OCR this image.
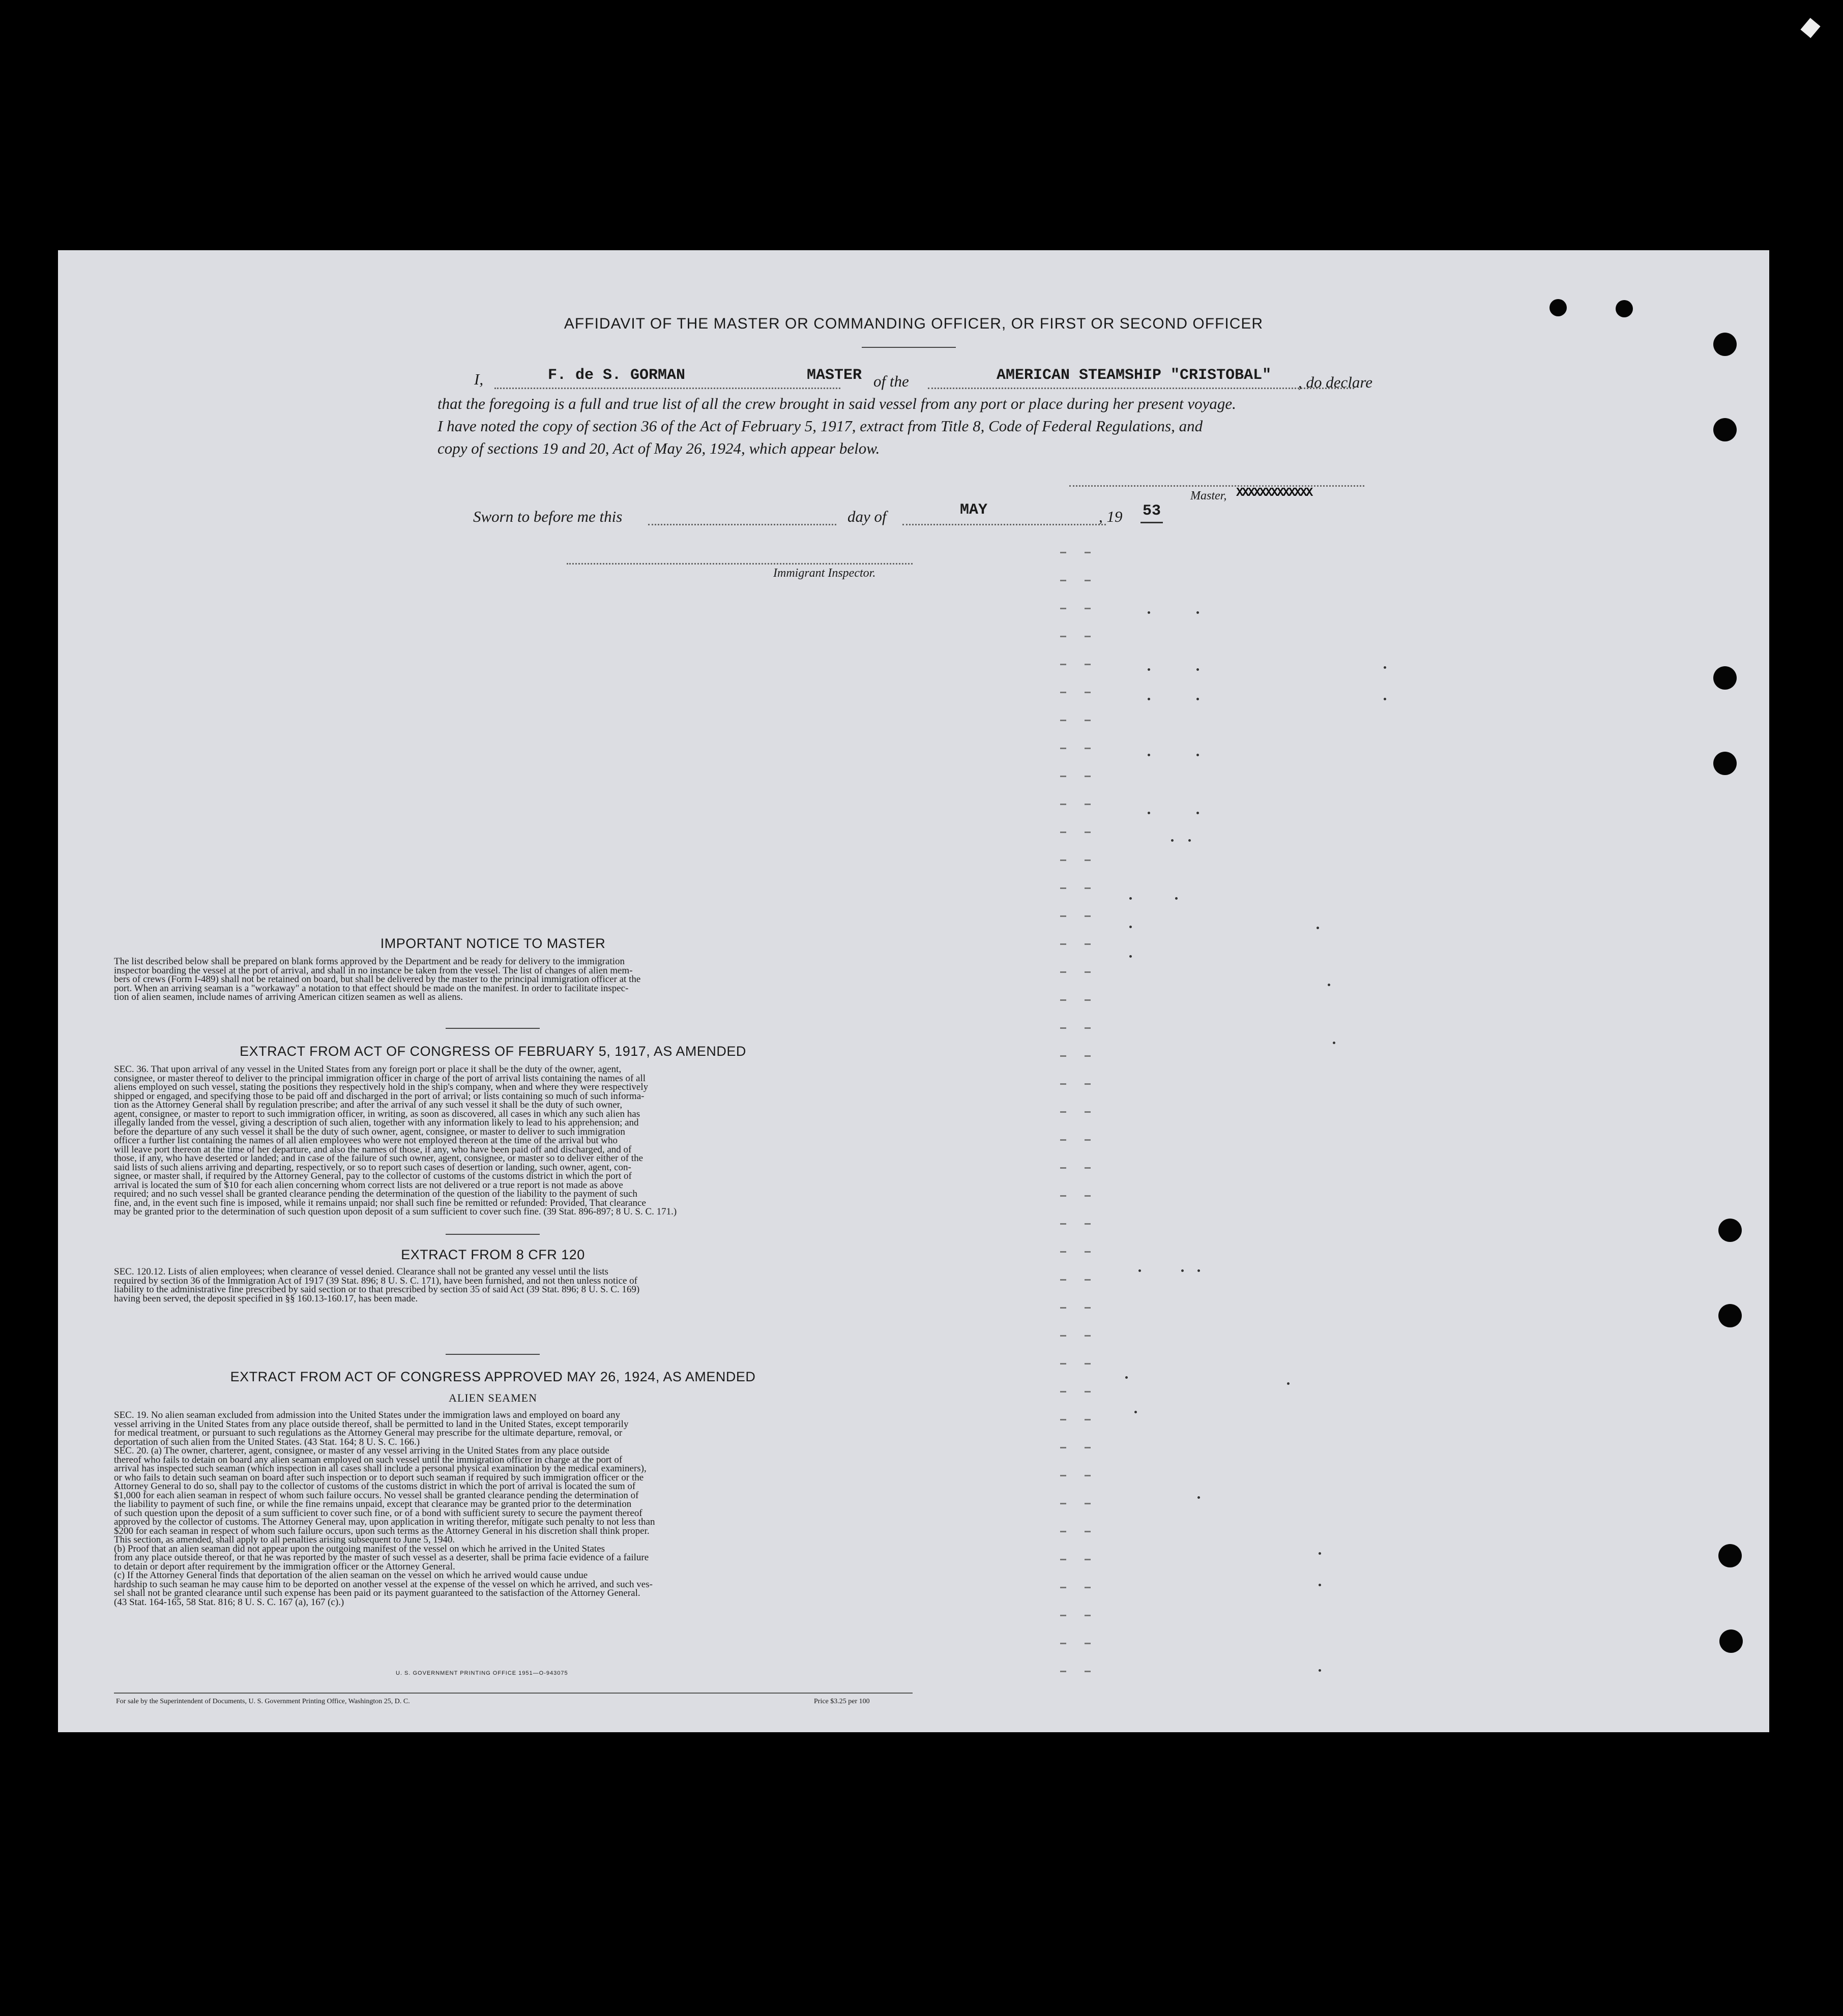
AFFIDAVIT OF THE MASTER OR COMMANDING OFFICER, OR FIRST OR SECOND OFFICER
I,	F. de S. GORMAN	MASTER of the	AMERICAN STEAMSHIP "CRISTOBAL" , do declare
that the foregoing is a full and true list of all the crew brought in said vessel from any port or place during her present voyage.
I have noted the copy of section 36 of the Act of February 5, 1917, extract from Title 8, Code of Federal Regulations, and
copy of sections 19 and 20, Act of May 26, 1924, which appear below.
Master, XXXXXXXXXXXXX
Sworn to before me this	day of	MAY	, 19 53
Immigrant Inspector.
IMPORTANT NOTICE TO MASTER
The list described below shall be prepared on blank forms approved by the Department and be ready for delivery to the immigration
inspector boarding the vessel at the port of arrival, and shall in no instance be taken from the vessel. The list of changes of alien mem-
bers of crews (Form I-489) shall not be retained on board, but shall be delivered by the master to the principal immigration officer at the
port. When an arriving seaman is a "workaway" a notation to that effect should be made on the manifest. In order to facilitate inspec-
tion of alien seamen, include names of arriving American citizen seamen as well as aliens.
EXTRACT FROM ACT OF CONGRESS OF FEBRUARY 5, 1917, AS AMENDED
SEC. 36. That upon arrival of any vessel in the United States from any foreign port or place it shall be the duty of the owner, agent,
consignee, or master thereof to deliver to the principal immigration officer in charge of the port of arrival lists containing the names of all
aliens employed on such vessel, stating the positions they respectively hold in the ship's company, when and where they were respectively
shipped or engaged, and specifying those to be paid off and discharged in the port of arrival; or lists containing so much of such informa-
tion as the Attorney General shall by regulation prescribe; and after the arrival of any such vessel it shall be the duty of such owner,
agent, consignee, or master to report to such immigration officer, in writing, as soon as discovered, all cases in which any such alien has
illegally landed from the vessel, giving a description of such alien, together with any information likely to lead to his apprehension; and
before the departure of any such vessel it shall be the duty of such owner, agent, consignee, or master to deliver to such immigration
officer a further list containing the names of all alien employees who were not employed thereon at the time of the arrival but who
will leave port thereon at the time of her departure, and also the names of those, if any, who have been paid off and discharged, and of
those, if any, who have deserted or landed; and in case of the failure of such owner, agent, consignee, or master so to deliver either of the
said lists of such aliens arriving and departing, respectively, or so to report such cases of desertion or landing, such owner, agent, con-
signee, or master shall, if required by the Attorney General, pay to the collector of customs of the customs district in which the port of
arrival is located the sum of $10 for each alien concerning whom correct lists are not delivered or a true report is not made as above
required; and no such vessel shall be granted clearance pending the determination of the question of the liability to the payment of such
fine, and, in the event such fine is imposed, while it remains unpaid; nor shall such fine be remitted or refunded: Provided, That clearance
may be granted prior to the determination of such question upon deposit of a sum sufficient to cover such fine. (39 Stat. 896-897; 8 U. S. C. 171.)
EXTRACT FROM 8 CFR 120
SEC. 120.12. Lists of alien employees; when clearance of vessel denied. Clearance shall not be granted any vessel until the lists
required by section 36 of the Immigration Act of 1917 (39 Stat. 896; 8 U. S. C. 171), have been furnished, and not then unless notice of
liability to the administrative fine prescribed by said section or to that prescribed by section 35 of said Act (39 Stat. 896; 8 U. S. C. 169)
having been served, the deposit specified in §§ 160.13-160.17, has been made.
EXTRACT FROM ACT OF CONGRESS APPROVED MAY 26, 1924, AS AMENDED
ALIEN SEAMEN
SEC. 19. No alien seaman excluded from admission into the United States under the immigration laws and employed on board any
vessel arriving in the United States from any place outside thereof, shall be permitted to land in the United States, except temporarily
for medical treatment, or pursuant to such regulations as the Attorney General may prescribe for the ultimate departure, removal, or
deportation of such alien from the United States. (43 Stat. 164; 8 U. S. C. 166.)
SEC. 20. (a) The owner, charterer, agent, consignee, or master of any vessel arriving in the United States from any place outside
thereof who fails to detain on board any alien seaman employed on such vessel until the immigration officer in charge at the port of
arrival has inspected such seaman (which inspection in all cases shall include a personal physical examination by the medical examiners),
or who fails to detain such seaman on board after such inspection or to deport such seaman if required by such immigration officer or the
Attorney General to do so, shall pay to the collector of customs of the customs district in which the port of arrival is located the sum of
$1,000 for each alien seaman in respect of whom such failure occurs. No vessel shall be granted clearance pending the determination of
the liability to payment of such fine, or while the fine remains unpaid, except that clearance may be granted prior to the determination
of such question upon the deposit of a sum sufficient to cover such fine, or of a bond with sufficient surety to secure the payment thereof
approved by the collector of customs. The Attorney General may, upon application in writing therefor, mitigate such penalty to not less than
$200 for each seaman in respect of whom such failure occurs, upon such terms as the Attorney General in his discretion shall think proper.
This section, as amended, shall apply to all penalties arising subsequent to June 5, 1940.
(b) Proof that an alien seaman did not appear upon the outgoing manifest of the vessel on which he arrived in the United States
from any place outside thereof, or that he was reported by the master of such vessel as a deserter, shall be prima facie evidence of a failure
to detain or deport after requirement by the immigration officer or the Attorney General.
(c) If the Attorney General finds that deportation of the alien seaman on the vessel on which he arrived would cause undue
hardship to such seaman he may cause him to be deported on another vessel at the expense of the vessel on which he arrived, and such ves-
sel shall not be granted clearance until such expense has been paid or its payment guaranteed to the satisfaction of the Attorney General.
(43 Stat. 164-165, 58 Stat. 816; 8 U. S. C. 167 (a), 167 (c).)
U. S. GOVERNMENT PRINTING OFFICE 1951—O-943075
For sale by the Superintendent of Documents, U. S. Government Printing Office, Washington 25, D. C.	Price $3.25 per 100
